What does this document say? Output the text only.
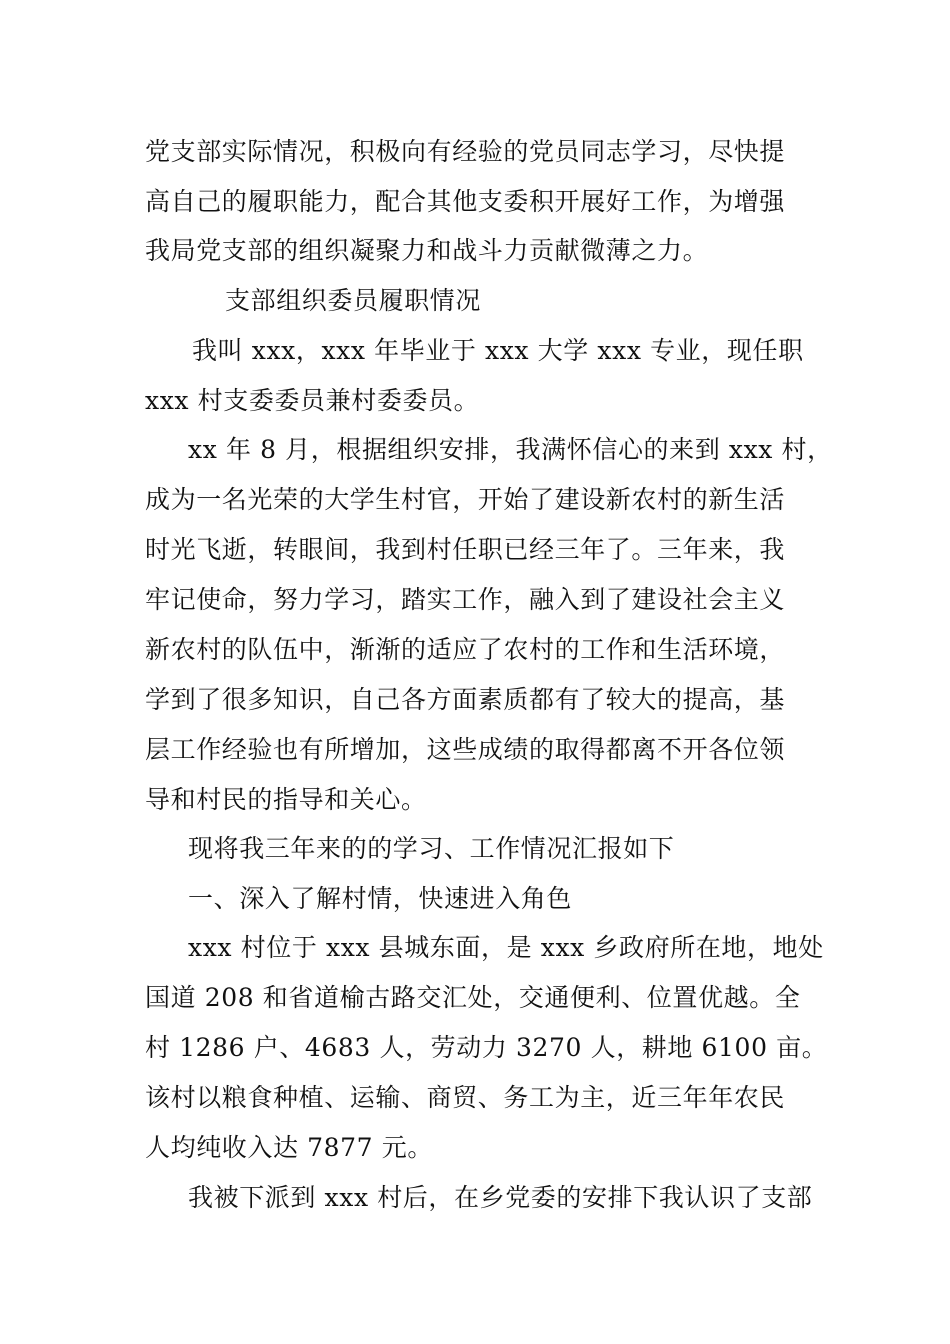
党支部实际情况，积极向有经验的党员同志学习，尽快提
高自己的履职能力，配合其他支委积开展好工作，为增强
我局党支部的组织凝聚力和战斗力贡献微薄之力。
支部组织委员履职情况
我叫 xxx，xxx 年毕业于 xxx 大学 xxx 专业，现任职
xxx 村支委委员兼村委委员。
xx 年 8 月，根据组织安排，我满怀信心的来到 xxx 村，
成为一名光荣的大学生村官，开始了建设新农村的新生活
时光飞逝，转眼间，我到村任职已经三年了。三年来，我
牢记使命，努力学习，踏实工作，融入到了建设社会主义
新农村的队伍中，渐渐的适应了农村的工作和生活环境，
学到了很多知识，自己各方面素质都有了较大的提高，基
层工作经验也有所增加，这些成绩的取得都离不开各位领
导和村民的指导和关心。
现将我三年来的的学习、工作情况汇报如下
一、深入了解村情，快速进入角色
xxx 村位于 xxx 县城东面，是 xxx 乡政府所在地，地处
国道 208 和省道榆古路交汇处，交通便利、位置优越。全
村 1286 户、4683 人，劳动力 3270 人，耕地 6100 亩。
该村以粮食种植、运输、商贸、务工为主，近三年年农民
人均纯收入达 7877 元。
我被下派到 xxx 村后，在乡党委的安排下我认识了支部
